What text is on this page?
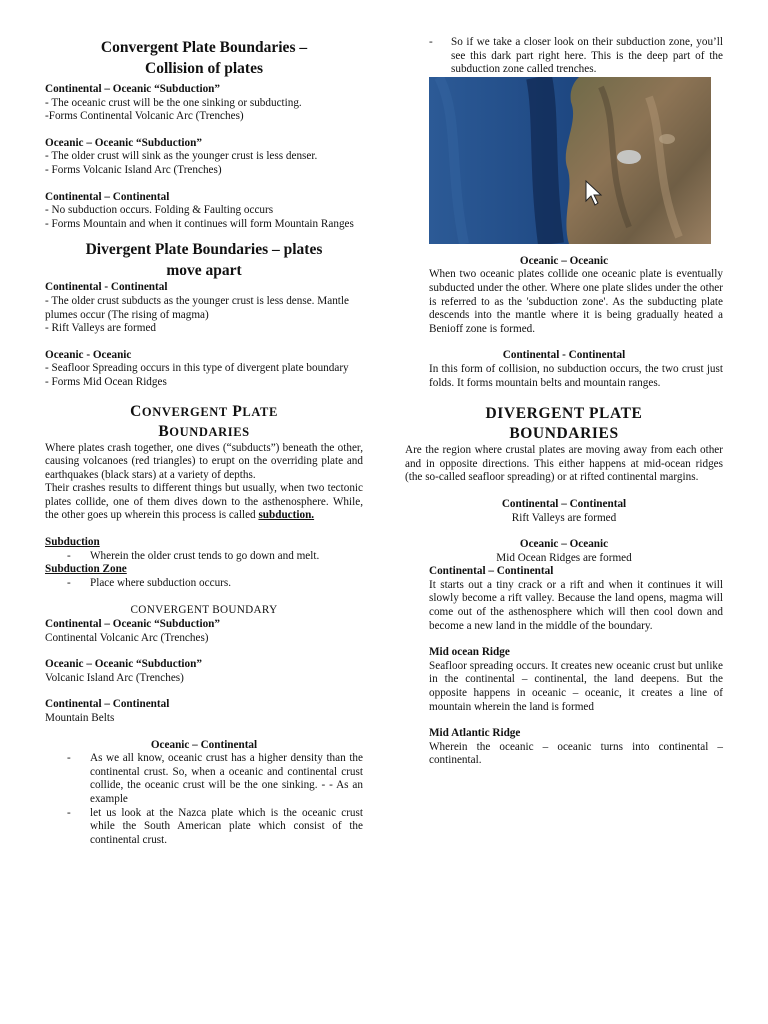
Convergent Plate Boundaries –
Collision of plates

Continental – Oceanic “Subduction”

- The oceanic crust will be the one sinking or subducting.

-Forms Continental Volcanic Arc (Trenches)

Oceanic – Oceanic “Subduction”

- The older crust will sink as the younger crust is less denser.

- Forms Volcanic Island Arc (Trenches)

Continental – Continental

- No subduction occurs. Folding & Faulting occurs

- Forms Mountain and when it continues will form Mountain Ranges

Divergent Plate Boundaries – plates
move apart

Continental - Continental

- The older crust subducts as the younger crust is less dense. Mantle plumes occur (The rising of magma)

- Rift Valleys are formed

Oceanic - Oceanic

- Seafloor Spreading occurs in this type of divergent plate boundary

- Forms Mid Ocean Ridges

CONVERGENT PLATE
BOUNDARIES

Where plates crash together, one dives (“subducts”) beneath the other, causing volcanoes (red triangles) to erupt on the overriding plate and earthquakes (black stars) at a variety of depths.

Their crashes results to different things but usually, when two tectonic plates collide, one of them dives down to the asthenosphere. While, the other goes up wherein this process is called subduction.

Subduction

-	Wherein the older crust tends to go down and melt.

Subduction Zone

-	Place where subduction occurs.

CONVERGENT BOUNDARY

Continental – Oceanic “Subduction”

Continental Volcanic Arc (Trenches)

Oceanic – Oceanic “Subduction”

Volcanic Island Arc (Trenches)

Continental – Continental

Mountain Belts

Oceanic – Continental

-	As we all know, oceanic crust has a higher density than the continental crust. So, when a oceanic and continental crust collide, the oceanic crust will be the one sinking. - - As an example
-	let us look at the Nazca plate which is the oceanic crust while the South American plate which consist of the continental crust.
-	So if we take a closer look on their subduction zone, you’ll see this dark part right here. This is the deep part of the subduction zone called trenches.

Oceanic – Oceanic

When two oceanic plates collide one oceanic plate is eventually subducted under the other. Where one plate slides under the other is referred to as the 'subduction zone'. As the subducting plate descends into the mantle where it is being gradually heated a Benioff zone is formed.

Continental - Continental

In this form of collision, no subduction occurs, the two crust just folds. It forms mountain belts and mountain ranges.

DIVERGENT PLATE
BOUNDARIES

Are the region where crustal plates are moving away from each other and in opposite directions. This either happens at mid-ocean ridges (the so-called seafloor spreading) or at rifted continental margins.

Continental – Continental

Rift Valleys are formed

Oceanic – Oceanic

Mid Ocean Ridges are formed

Continental – Continental

It starts out a tiny crack or a rift and when it continues it will slowly become a rift valley. Because the land opens, magma will come out of the asthenosphere which will then cool down and become a new land in the middle of the boundary.

Mid ocean Ridge

Seafloor spreading occurs. It creates new oceanic crust but unlike in the continental – continental, the land deepens. But the opposite happens in oceanic – oceanic, it creates a line of mountain wherein the land is formed

Mid Atlantic Ridge

Wherein the oceanic – oceanic turns into continental – continental.
